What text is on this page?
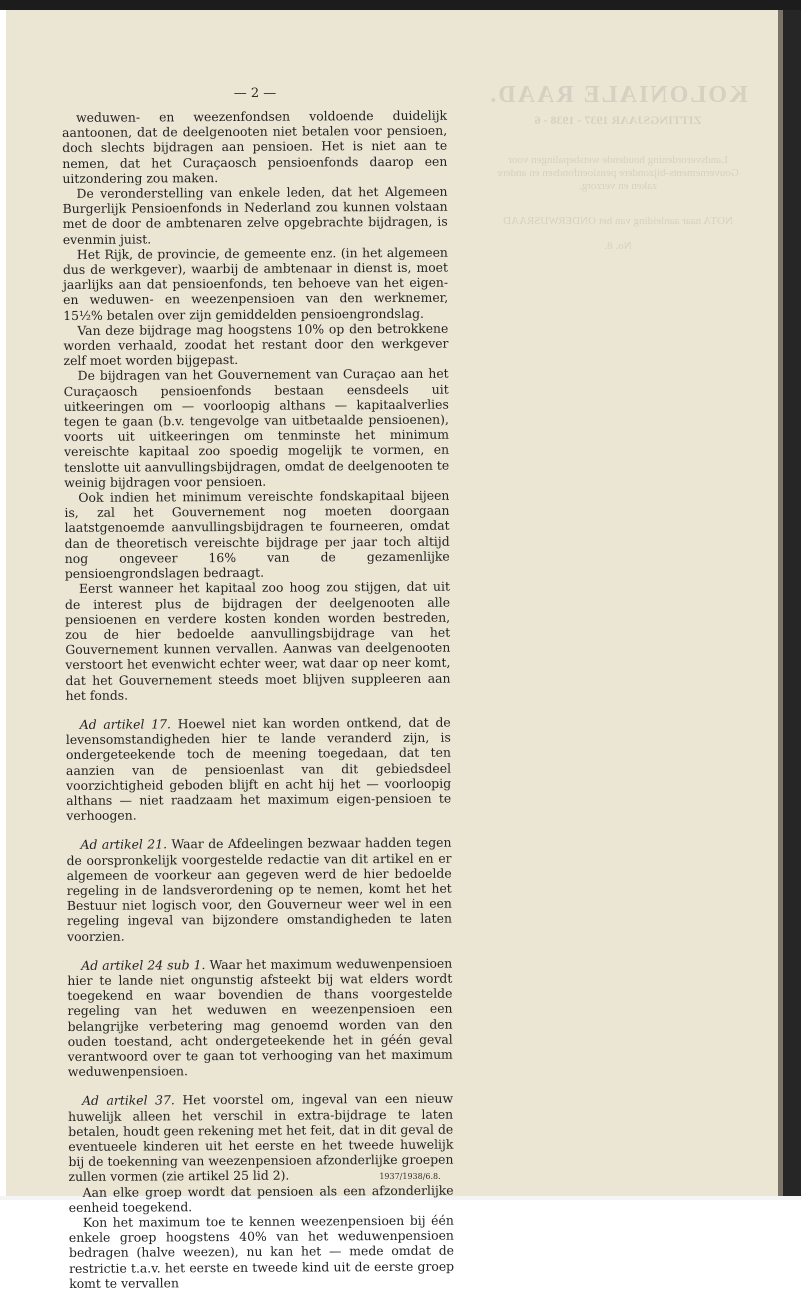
KOLONIALE RAAD.
ZITTINGSJAAR 1937 - 1938 - 6
Landsverordening houdende wetsbepalingen voor Gouvernements-bijzondere pensioenfondsen en andere zaken en verzorg.
NOTA naar aanleiding van het ONDERWIJSRAAD
No. 8.
— 2 —

weduwen- en weezenfondsen voldoende duidelijk aantoonen, dat de deelgenooten niet betalen voor pensioen, doch slechts bijdragen aan pensioen. Het is niet aan te nemen, dat het Curaçaosch pensioenfonds daarop een uitzondering zou maken.

De veronderstelling van enkele leden, dat het Algemeen Burgerlijk Pensioenfonds in Nederland zou kunnen volstaan met de door de ambtenaren zelve opgebrachte bijdragen, is evenmin juist.

Het Rijk, de provincie, de gemeente enz. (in het algemeen dus de werkgever), waarbij de ambtenaar in dienst is, moet jaarlijks aan dat pensioenfonds, ten behoeve van het eigen- en weduwen- en weezenpensioen van den werknemer, 15½% betalen over zijn gemiddelden pensioengrondslag.

Van deze bijdrage mag hoogstens 10% op den betrokkene worden verhaald, zoodat het restant door den werkgever zelf moet worden bijgepast.

De bijdragen van het Gouvernement van Curaçao aan het Curaçaosch pensioenfonds bestaan eensdeels uit uitkeeringen om — voorloopig althans — kapitaalverlies tegen te gaan (b.v. tengevolge van uitbetaalde pensioenen), voorts uit uitkeeringen om tenminste het minimum vereischte kapitaal zoo spoedig mogelijk te vormen, en tenslotte uit aanvullingsbijdragen, omdat de deelgenooten te weinig bijdragen voor pensioen.

Ook indien het minimum vereischte fondskapitaal bijeen is, zal het Gouvernement nog moeten doorgaan laatstgenoemde aanvullingsbijdragen te fourneeren, omdat dan de theoretisch vereischte bijdrage per jaar toch altijd nog ongeveer 16% van de gezamenlijke pensioengrondslagen bedraagt.

Eerst wanneer het kapitaal zoo hoog zou stijgen, dat uit de interest plus de bijdragen der deelgenooten alle pensioenen en verdere kosten konden worden bestreden, zou de hier bedoelde aanvullingsbijdrage van het Gouvernement kunnen vervallen. Aanwas van deelgenooten verstoort het evenwicht echter weer, wat daar op neer komt, dat het Gouvernement steeds moet blijven suppleeren aan het fonds.

Ad artikel 17. Hoewel niet kan worden ontkend, dat de levensomstandigheden hier te lande veranderd zijn, is ondergeteekende toch de meening toegedaan, dat ten aanzien van de pensioenlast van dit gebiedsdeel voorzichtigheid geboden blijft en acht hij het — voorloopig althans — niet raadzaam het maximum eigen-pensioen te verhoogen.

Ad artikel 21. Waar de Afdeelingen bezwaar hadden tegen de oorspronkelijk voorgestelde redactie van dit artikel en er algemeen de voorkeur aan gegeven werd de hier bedoelde regeling in de landsverordening op te nemen, komt het het Bestuur niet logisch voor, den Gouverneur weer wel in een regeling ingeval van bijzondere omstandigheden te laten voorzien.

Ad artikel 24 sub 1. Waar het maximum weduwenpensioen hier te lande niet ongunstig afsteekt bij wat elders wordt toegekend en waar bovendien de thans voorgestelde regeling van het weduwen en weezenpensioen een belangrijke verbetering mag genoemd worden van den ouden toestand, acht ondergeteekende het in géén geval verantwoord over te gaan tot verhooging van het maximum weduwenpensioen.

Ad artikel 37. Het voorstel om, ingeval van een nieuw huwelijk alleen het verschil in extra-bijdrage te laten betalen, houdt geen rekening met het feit, dat in dit geval de eventueele kinderen uit het eerste en het tweede huwelijk bij de toekenning van weezenpensioen afzonderlijke groepen zullen vormen (zie artikel 25 lid 2).

Aan elke groep wordt dat pensioen als een afzonderlijke eenheid toegekend.

Kon het maximum toe te kennen weezenpensioen bij één enkele groep hoogstens 40% van het weduwenpensioen bedragen (halve weezen), nu kan het — mede omdat de restrictie t.a.v. het eerste en tweede kind uit de eerste groep komt te vervallen

1937/1938/6.8.
